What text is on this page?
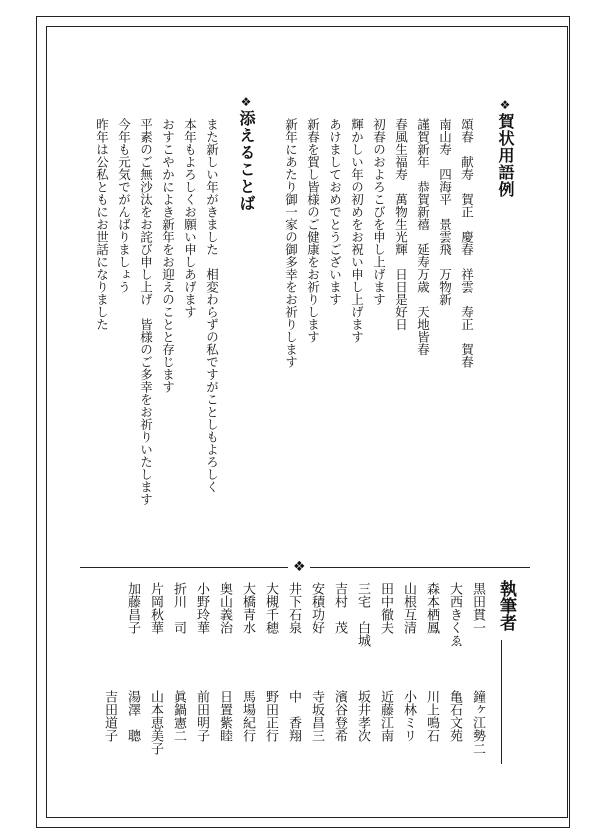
❖賀状用語例
頌春　献寿　賀正　慶春　祥雲　寿正　賀春
南山寿　四海平　景雲飛　万物新
謹賀新年　恭賀新禧　延寿万歳　天地皆春
春風生福寿　萬物生光輝　日日是好日
初春のおよろこびを申し上げます
輝かしい年の初めをお祝い申し上げます
あけましておめでとうございます
新春を賀し皆様のご健康をお祈りします
新年にあたり御一家の御多幸をお祈りします
❖添えることば
また新しい年がきました　相変わらずの私ですがことしもよろしく
本年もよろしくお願い申しあげます
おすこやかによき新年をお迎えのことと存じます
平素のご無沙汰をお詫び申し上げ　皆様のご多幸をお祈りいたします
今年も元気でがんばりましょう
昨年は公私ともにお世話になりました
❖
執筆者
黒田貫一
鐘ヶ江勢二
大西きくゑ
亀石文苑
森本栖鳳
川上鳴石
山根互清
小林ミリ
田中徹夫
近藤江南
三宅　白城
坂井孝次
吉村　茂
濱谷登希
安積功好
寺坂昌三
井下石泉
中　香翔
大槻千穂
野田正行
大橋青水
馬場紀行
奥山義治
日置紫睦
小野玲華
前田明子
折川　司
眞鍋憲二
片岡秋華
山本恵美子
加藤昌子
湯澤　聰
吉田道子
